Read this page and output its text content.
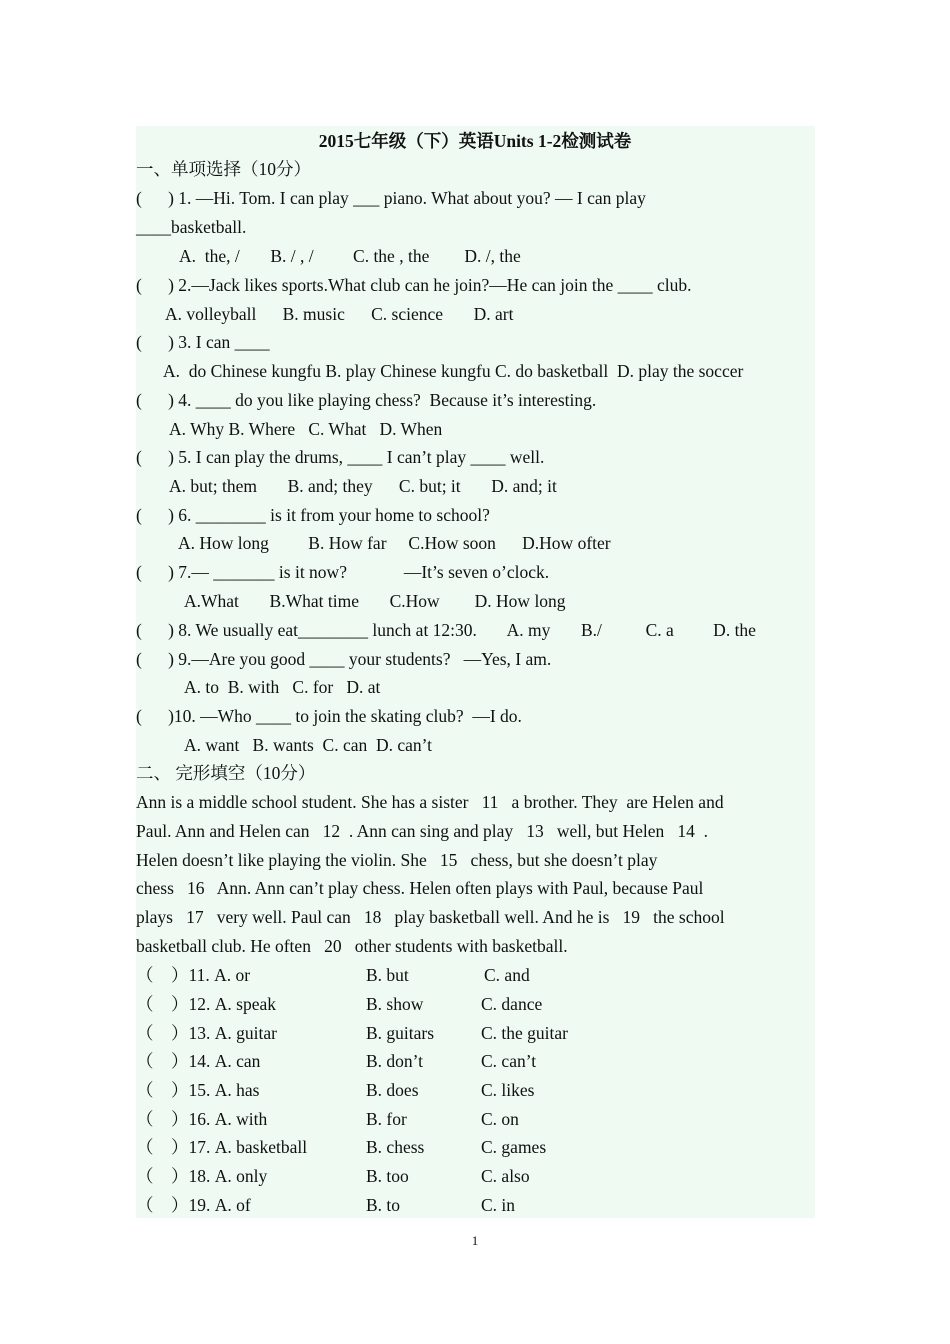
2015七年级（下）英语Units 1-2检测试卷
一、单项选择（10分）
(      ) 1. —Hi. Tom. I can play ___ piano. What about you? — I can play
____basketball.
A.  the, /       B. / , /         C. the , the        D. /, the
(      ) 2.—Jack likes sports.What club can he join?—He can join the ____ club.
A. volleyball      B. music      C. science       D. art
(      ) 3. I can ____
A.  do Chinese kungfu B. play Chinese kungfu C. do basketball  D. play the soccer
(      ) 4. ____ do you like playing chess?  Because it’s interesting.
A. Why B. Where   C. What   D. When
(      ) 5. I can play the drums, ____ I can’t play ____ well.
A. but; them       B. and; they      C. but; it       D. and; it
(      ) 6. ________ is it from your home to school?
A. How long         B. How far     C.How soon      D.How ofter
(      ) 7.— _______ is it now?             —It’s seven o’clock.
A.What       B.What time       C.How        D. How long
(      ) 8. We usually eat________ lunch at 12:30.       A. my       B./          C. a         D. the
(      ) 9.—Are you good ____ your students?   —Yes, I am.
A. to  B. with   C. for   D. at
(      )10. —Who ____ to join the skating club?  —I do.
A. want   B. wants  C. can  D. can’t
二、 完形填空（10分）
Ann is a middle school student. She has a sister   11   a brother. They  are Helen and
Paul. Ann and Helen can   12  . Ann can sing and play   13   well, but Helen   14  .
Helen doesn’t like playing the violin. She   15   chess, but she doesn’t play
chess   16   Ann. Ann can’t play chess. Helen often plays with Paul, because Paul
plays   17   very well. Paul can   18   play basketball well. And he is   19   the school
basketball club. He often   20   other students with basketball.
（    ）11. A. or	B. but	C. and
（    ）12. A. speak	B. show	C. dance
（    ）13. A. guitar	B. guitars	C. the guitar
（    ）14. A. can	B. don’t	C. can’t
（    ）15. A. has	B. does	C. likes
（    ）16. A. with	B. for	C. on
（    ）17. A. basketball	B. chess	C. games
（    ）18. A. only	B. too	C. also
（    ）19. A. of	B. to	C. in
1
